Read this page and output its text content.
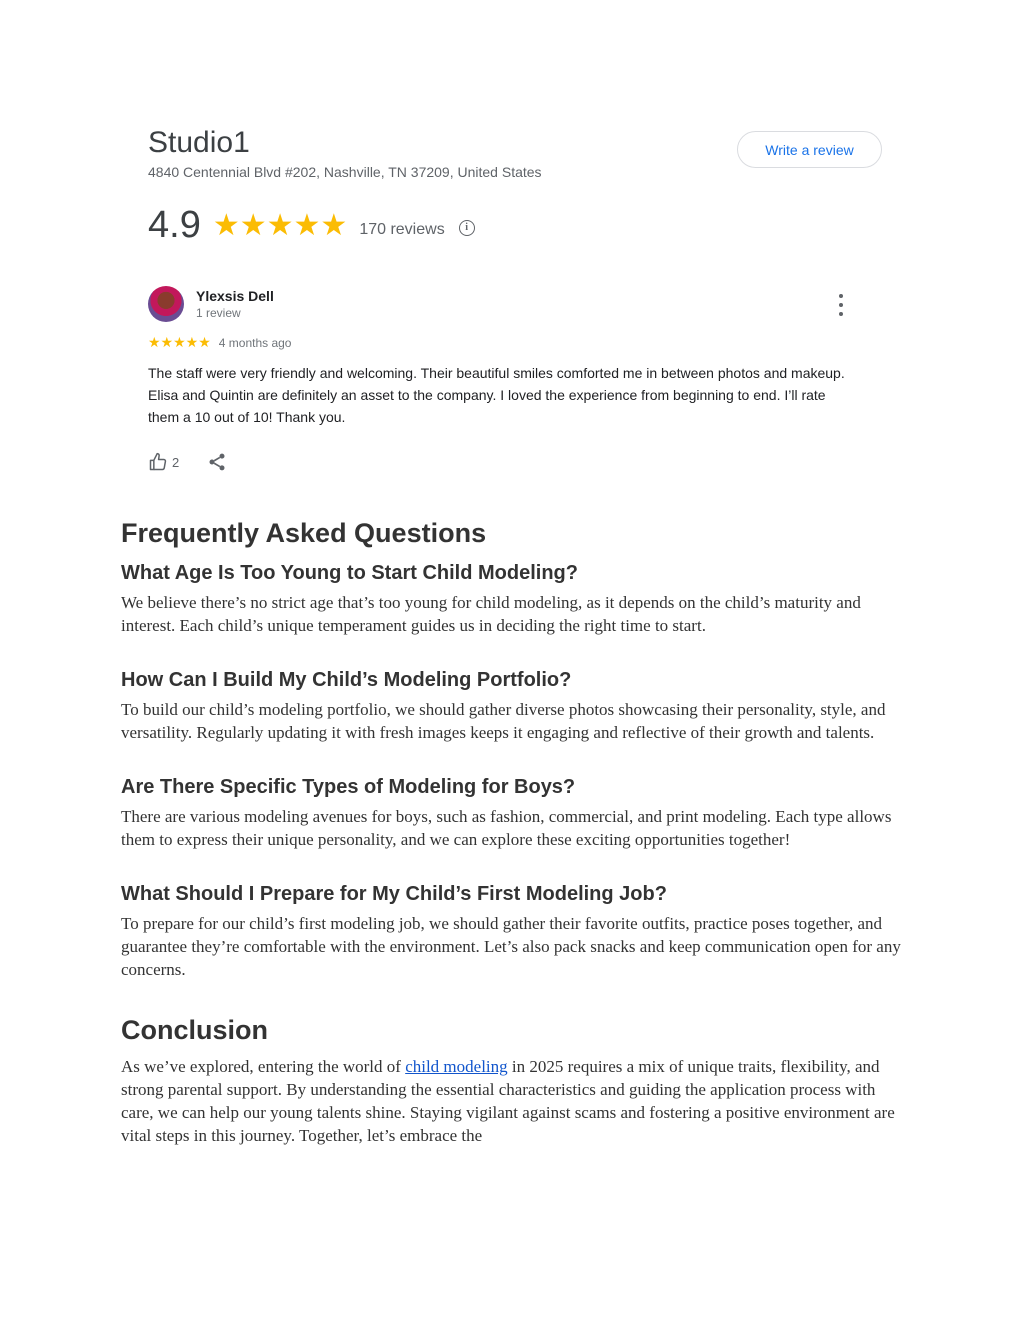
Studio1
4840 Centennial Blvd #202, Nashville, TN 37209, United States
Write a review
4.9 ★★★★★ 170 reviews	i
Ylexsis Dell
1 review
★★★★★ 4 months ago

The staff were very friendly and welcoming. Their beautiful smiles comforted me in between photos and makeup. Elisa and Quintin are definitely an asset to the company. I loved the experience from beginning to end. I’ll rate them a 10 out of 10! Thank you.

2
Frequently Asked Questions
What Age Is Too Young to Start Child Modeling?

We believe there’s no strict age that’s too young for child modeling, as it depends on the child’s maturity and interest. Each child’s unique temperament guides us in deciding the right time to start.

How Can I Build My Child’s Modeling Portfolio?

To build our child’s modeling portfolio, we should gather diverse photos showcasing their personality, style, and versatility. Regularly updating it with fresh images keeps it engaging and reflective of their growth and talents.

Are There Specific Types of Modeling for Boys?

There are various modeling avenues for boys, such as fashion, commercial, and print modeling. Each type allows them to express their unique personality, and we can explore these exciting opportunities together!

What Should I Prepare for My Child’s First Modeling Job?

To prepare for our child’s first modeling job, we should gather their favorite outfits, practice poses together, and guarantee they’re comfortable with the environment. Let’s also pack snacks and keep communication open for any concerns.

Conclusion

As we’ve explored, entering the world of child modeling in 2025 requires a mix of unique traits, flexibility, and strong parental support. By understanding the essential characteristics and guiding the application process with care, we can help our young talents shine. Staying vigilant against scams and fostering a positive environment are vital steps in this journey. Together, let’s embrace the
